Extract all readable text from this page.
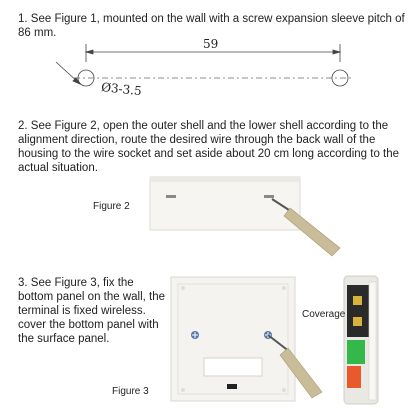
1. See Figure 1, mounted on the wall with a screw expansion sleeve pitch of 86 mm.
59
Ø3-3.5
2. See Figure 2, open the outer shell and the lower shell according to the alignment direction, route the desired wire through the back wall of the housing to the wire socket and set aside about 20 cm long according to the actual situation.
Figure 2
3. See Figure 3, fix the bottom panel on the wall, the terminal is fixed wireless. cover the bottom panel with the surface panel.
Coverage
Figure 3
